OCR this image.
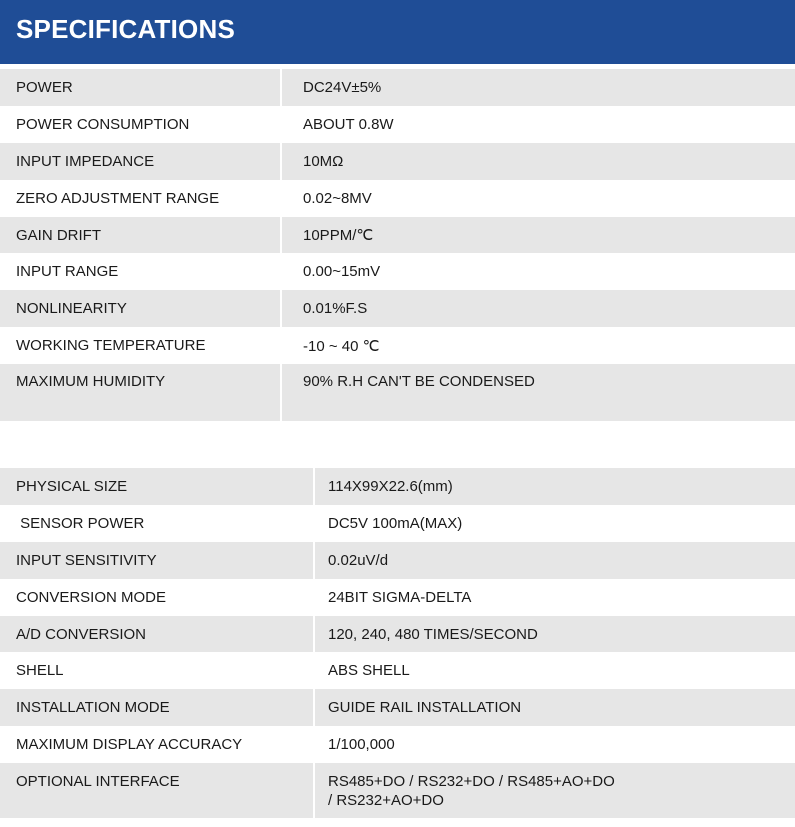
SPECIFICATIONS
POWER	DC24V±5%
POWER CONSUMPTION	ABOUT 0.8W
INPUT IMPEDANCE	10MΩ
ZERO ADJUSTMENT RANGE	0.02~8MV
GAIN DRIFT	10PPM/℃
INPUT RANGE	0.00~15mV
NONLINEARITY	0.01%F.S
WORKING TEMPERATURE	-10 ~ 40 ℃
MAXIMUM HUMIDITY	90% R.H CAN'T BE CONDENSED
PHYSICAL SIZE	114X99X22.6(mm)
SENSOR POWER	DC5V 100mA(MAX)
INPUT SENSITIVITY	0.02uV/d
CONVERSION MODE	24BIT SIGMA-DELTA
A/D CONVERSION	120, 240, 480 TIMES/SECOND
SHELL	ABS SHELL
INSTALLATION MODE	GUIDE RAIL INSTALLATION
MAXIMUM DISPLAY ACCURACY	1/100,000
OPTIONAL INTERFACE	RS485+DO / RS232+DO / RS485+AO+DO
/ RS232+AO+DO
